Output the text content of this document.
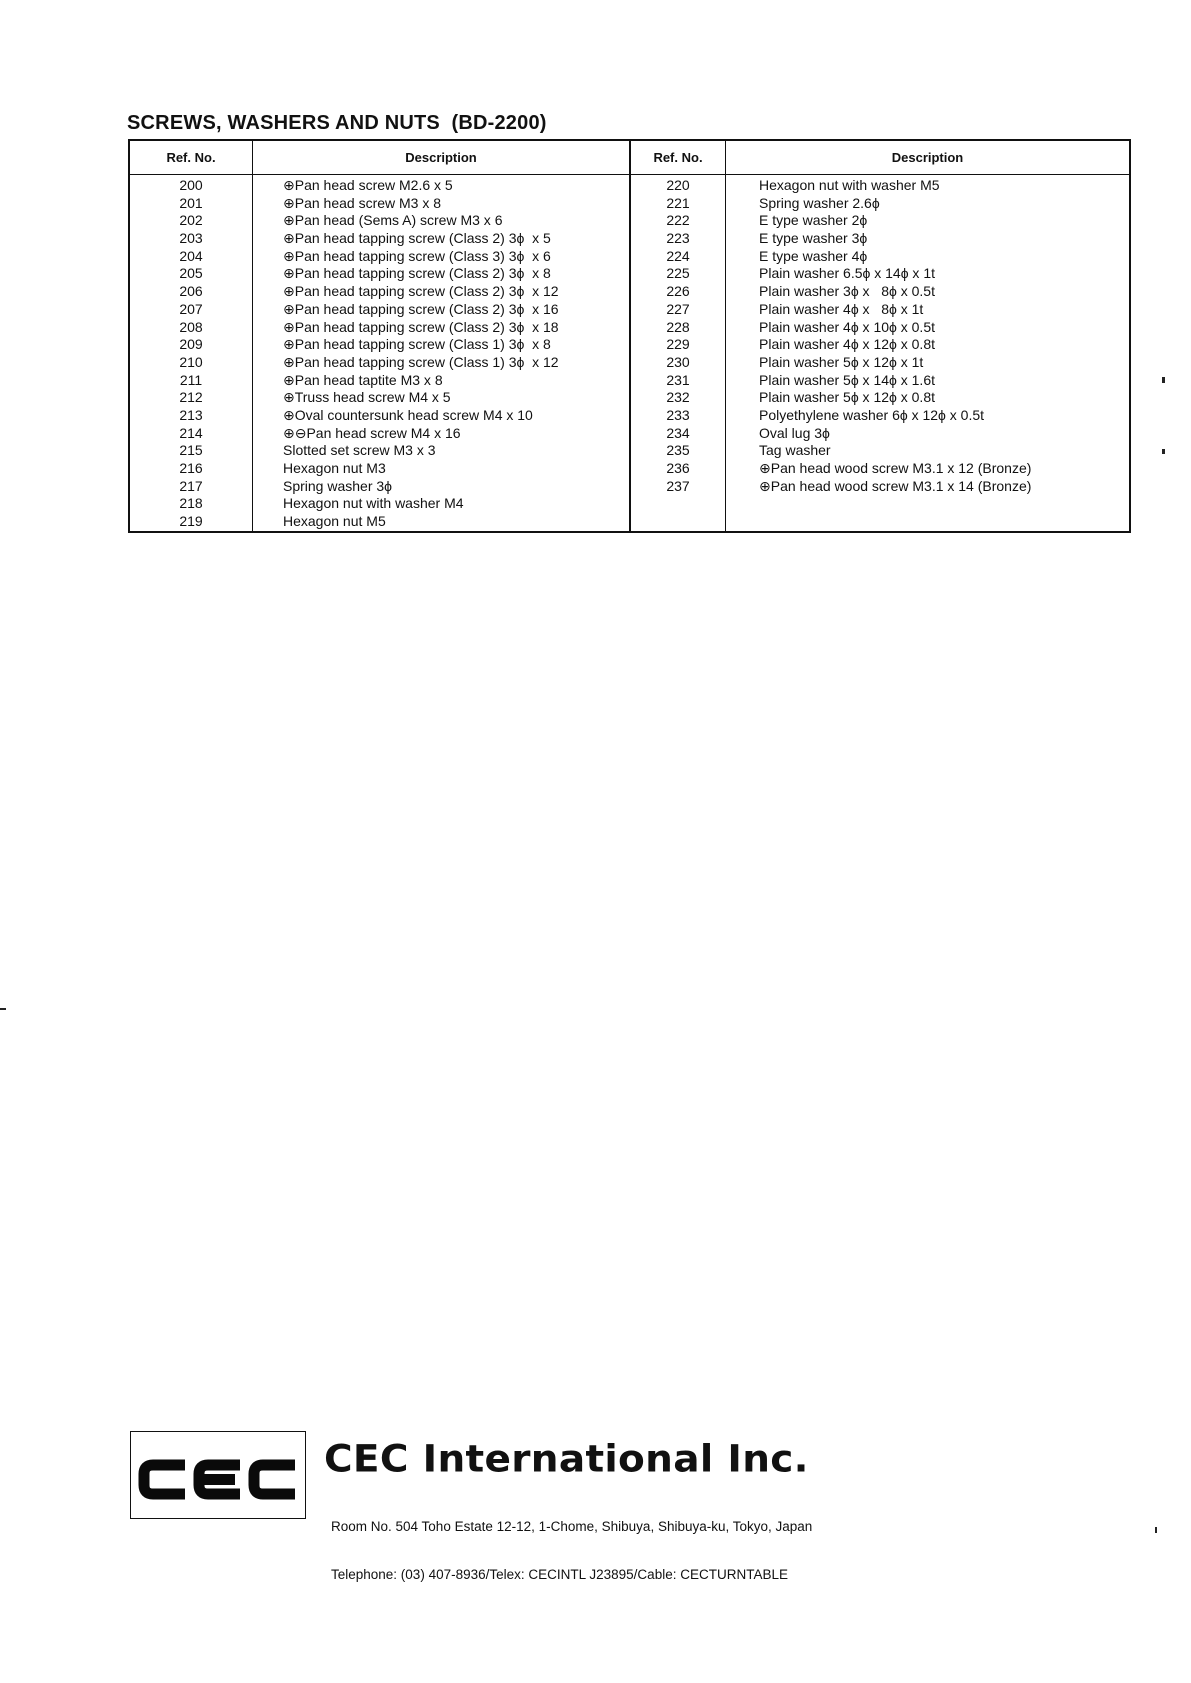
SCREWS, WASHERS AND NUTS  (BD-2200)
Ref. No.
200
201
202
203
204
205
206
207
208
209
210
211
212
213
214
215
216
217
218
219
Description
⊕Pan head screw M2.6 x 5
⊕Pan head screw M3 x 8
⊕Pan head (Sems A) screw M3 x 6
⊕Pan head tapping screw (Class 2) 3ϕ  x 5
⊕Pan head tapping screw (Class 3) 3ϕ  x 6
⊕Pan head tapping screw (Class 2) 3ϕ  x 8
⊕Pan head tapping screw (Class 2) 3ϕ  x 12
⊕Pan head tapping screw (Class 2) 3ϕ  x 16
⊕Pan head tapping screw (Class 2) 3ϕ  x 18
⊕Pan head tapping screw (Class 1) 3ϕ  x 8
⊕Pan head tapping screw (Class 1) 3ϕ  x 12
⊕Pan head taptite M3 x 8
⊕Truss head screw M4 x 5
⊕Oval countersunk head screw M4 x 10
⊕⊖Pan head screw M4 x 16
Slotted set screw M3 x 3
Hexagon nut M3
Spring washer 3ϕ
Hexagon nut with washer M4
Hexagon nut M5
Ref. No.
220
221
222
223
224
225
226
227
228
229
230
231
232
233
234
235
236
237
Description
Hexagon nut with washer M5
Spring washer 2.6ϕ
E type washer 2ϕ
E type washer 3ϕ
E type washer 4ϕ
Plain washer 6.5ϕ x 14ϕ x 1t
Plain washer 3ϕ x   8ϕ x 0.5t
Plain washer 4ϕ x   8ϕ x 1t
Plain washer 4ϕ x 10ϕ x 0.5t
Plain washer 4ϕ x 12ϕ x 0.8t
Plain washer 5ϕ x 12ϕ x 1t
Plain washer 5ϕ x 14ϕ x 1.6t
Plain washer 5ϕ x 12ϕ x 0.8t
Polyethylene washer 6ϕ x 12ϕ x 0.5t
Oval lug 3ϕ
Tag washer
⊕Pan head wood screw M3.1 x 12 (Bronze)
⊕Pan head wood screw M3.1 x 14 (Bronze)
CEC International Inc.

Room No. 504 Toho Estate 12-12, 1-Chome, Shibuya, Shibuya-ku, Tokyo, Japan

Telephone: (03) 407-8936/Telex: CECINTL J23895/Cable: CECTURNTABLE
